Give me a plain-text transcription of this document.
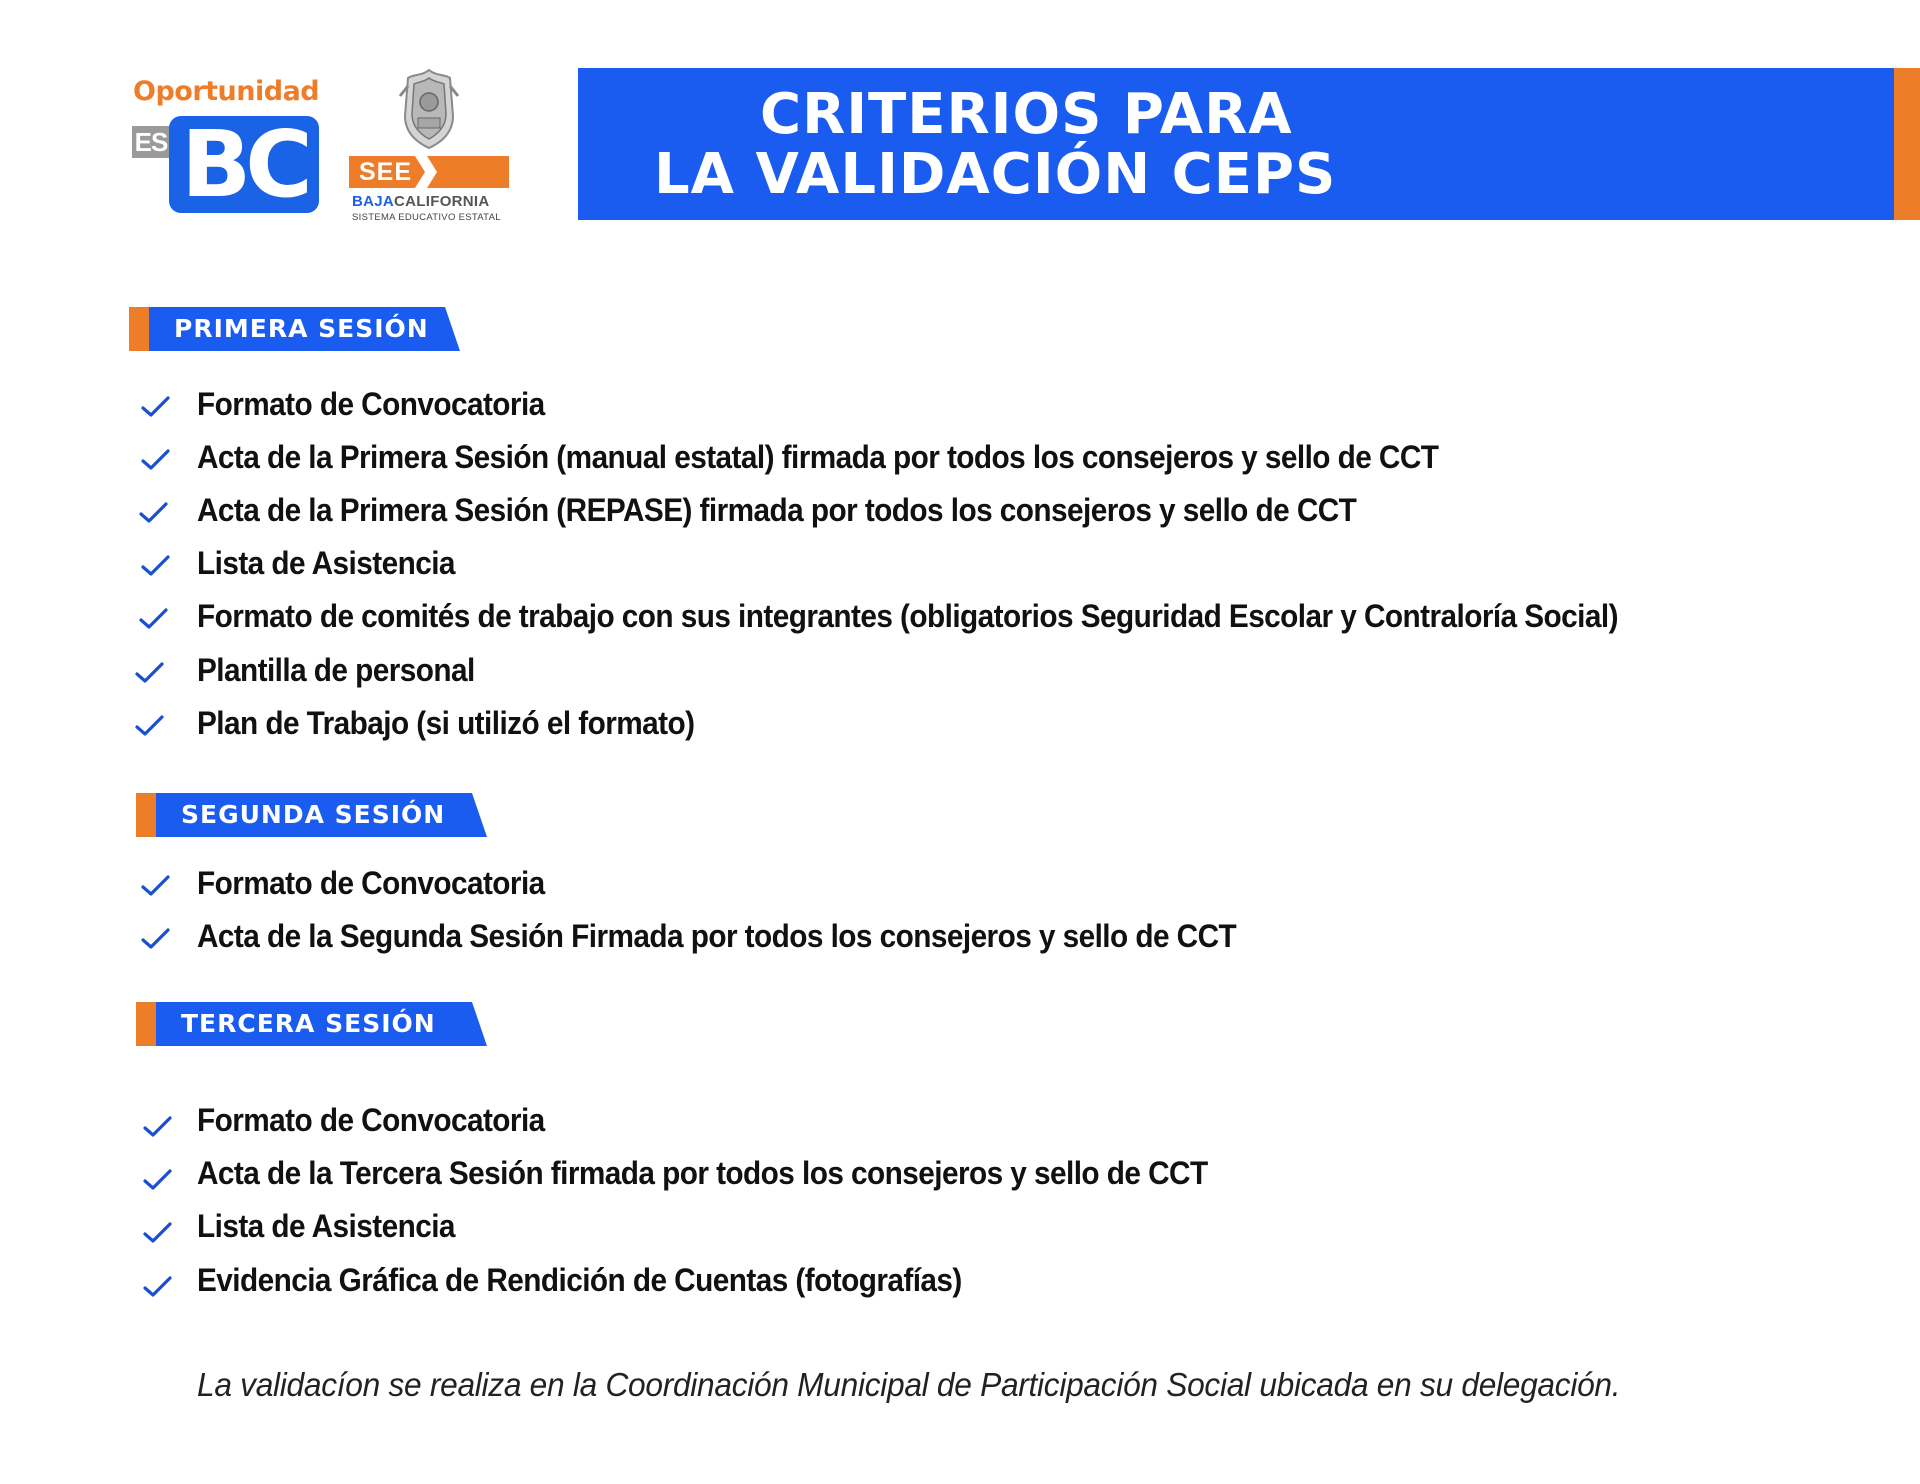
Oportunidad
ES BC	SEE
BAJACALIFORNIA
SISTEMA EDUCATIVO ESTATAL
CRITERIOS PARA
LA VALIDACIÓN CEPS
PRIMERA SESIÓN
SEGUNDA SESIÓN
TERCERA SESIÓN
Formato de Convocatoria
Acta de la Primera Sesión (manual estatal) firmada por todos los consejeros y sello de CCT
Acta de la Primera Sesión (REPASE) firmada por todos los consejeros y sello de CCT
Lista de Asistencia
Formato de comités de trabajo con sus integrantes (obligatorios Seguridad Escolar y Contraloría Social)
Plantilla de personal
Plan de Trabajo (si utilizó el formato)
Formato de Convocatoria
Acta de la Segunda Sesión Firmada por todos los consejeros y sello de CCT
Formato de Convocatoria
Acta de la Tercera Sesión firmada por todos los consejeros y sello de CCT
Lista de Asistencia
Evidencia Gráfica de Rendición de Cuentas (fotografías)
La validacíon se realiza en la Coordinación Municipal de Participación Social ubicada en su delegación.
